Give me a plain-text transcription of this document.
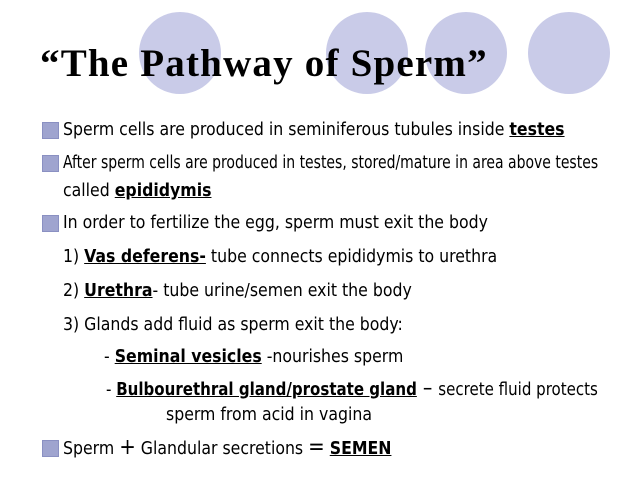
“The Pathway of Sperm”
Sperm cells are produced in seminiferous tubules inside testes
After sperm cells are produced in testes, stored/mature in area above testes
called epididymis
In order to fertilize the egg, sperm must exit the body
1) Vas deferens- tube connects epididymis to urethra
2) Urethra- tube urine/semen exit the body
3) Glands add fluid as sperm exit the body:
- Seminal vesicles -nourishes sperm
- Bulbourethral gland/prostate gland – secrete fluid protects
sperm from acid in vagina
Sperm + Glandular secretions = SEMEN
